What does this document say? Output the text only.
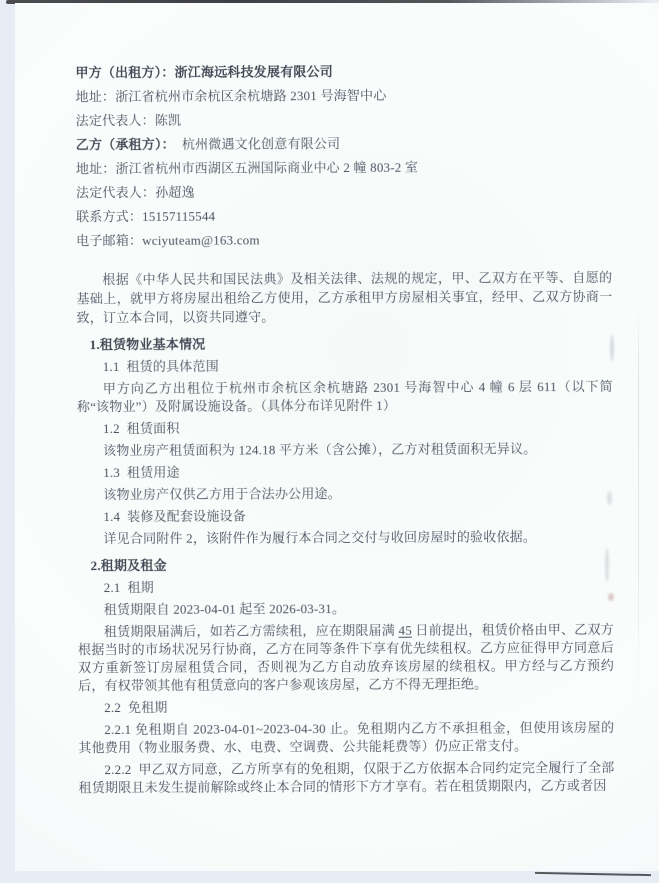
甲方（出租方）：浙江海远科技发展有限公司
地址：浙江省杭州市余杭区余杭塘路 2301 号海智中心
法定代表人：陈凯
乙方（承租方）： 杭州微遇文化创意有限公司
地址：浙江省杭州市西湖区五洲国际商业中心 2 幢 803-2 室
法定代表人：孙超逸
联系方式：15157115544
电子邮箱：wciyuteam@163.com
根据《中华人民共和国民法典》及相关法律、法规的规定，甲、乙双方在平等、自愿的基础上，就甲方将房屋出租给乙方使用，乙方承租甲方房屋相关事宜，经甲、乙双方协商一致，订立本合同，以资共同遵守。
1.租赁物业基本情况
1.1  租赁的具体范围
甲方向乙方出租位于杭州市余杭区余杭塘路 2301 号海智中心 4 幢 6 层 611（以下简称“该物业”）及附属设施设备。（具体分布详见附件 1）
1.2  租赁面积
该物业房产租赁面积为 124.18 平方米（含公摊），乙方对租赁面积无异议。
1.3  租赁用途
该物业房产仅供乙方用于合法办公用途。
1.4  装修及配套设施设备
详见合同附件 2，该附件作为履行本合同之交付与收回房屋时的验收依据。
2.租期及租金
2.1  租期
租赁期限自 2023-04-01 起至 2026-03-31。
租赁期限届满后，如若乙方需续租，应在期限届满 45 日前提出，租赁价格由甲、乙双方根据当时的市场状况另行协商，乙方在同等条件下享有优先续租权。乙方应征得甲方同意后双方重新签订房屋租赁合同，否则视为乙方自动放弃该房屋的续租权。甲方经与乙方预约后，有权带领其他有租赁意向的客户参观该房屋，乙方不得无理拒绝。
2.2  免租期
2.2.1 免租期自 2023-04-01~2023-04-30 止。免租期内乙方不承担租金，但使用该房屋的其他费用（物业服务费、水、电费、空调费、公共能耗费等）仍应正常支付。
2.2.2  甲乙双方同意，乙方所享有的免租期，仅限于乙方依据本合同约定完全履行了全部租赁期限且未发生提前解除或终止本合同的情形下方才享有。若在租赁期限内，乙方或者因
